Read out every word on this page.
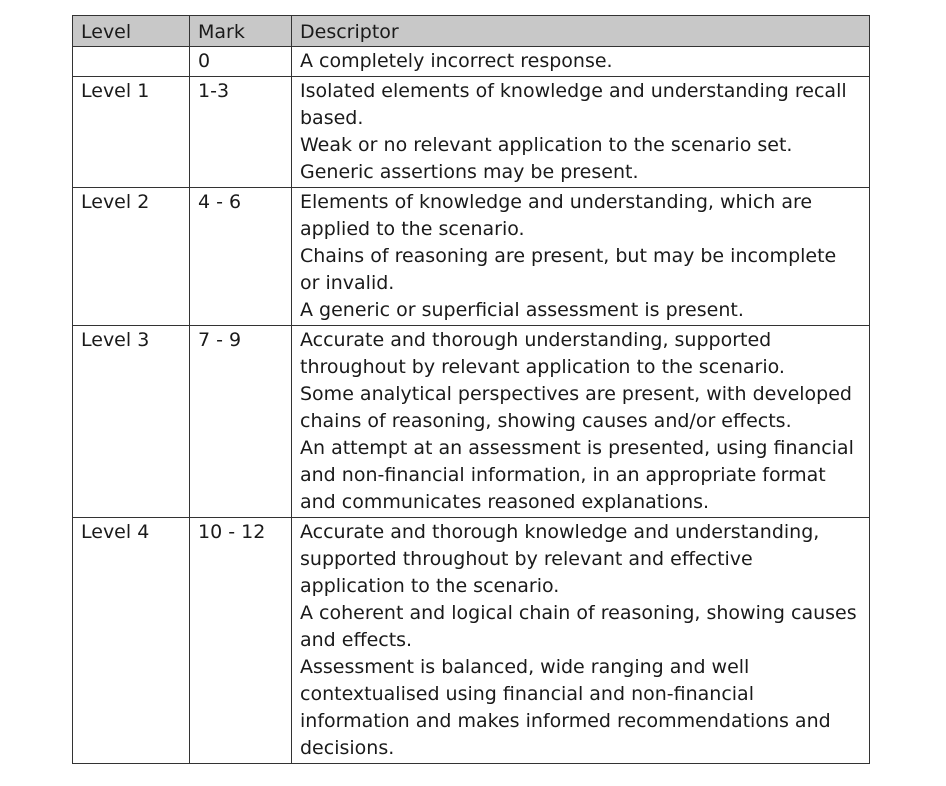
Level	Mark	Descriptor
	0	A completely incorrect response.

Level 1	1-3	Isolated elements of knowledge and understanding recall based.
Weak or no relevant application to the scenario set.
Generic assertions may be present.

Level 2	4 - 6	Elements of knowledge and understanding, which are applied to the scenario.
Chains of reasoning are present, but may be incomplete or invalid.
A generic or superficial assessment is present.

Level 3	7 - 9	Accurate and thorough understanding, supported throughout by relevant application to the scenario.
Some analytical perspectives are present, with developed chains of reasoning, showing causes and/or effects.
An attempt at an assessment is presented, using financial and non-financial information, in an appropriate format and communicates reasoned explanations.

Level 4	10 - 12	Accurate and thorough knowledge and understanding, supported throughout by relevant and effective application to the scenario.
A coherent and logical chain of reasoning, showing causes and effects.
Assessment is balanced, wide ranging and well contextualised using financial and non-financial information and makes informed recommendations and decisions.
